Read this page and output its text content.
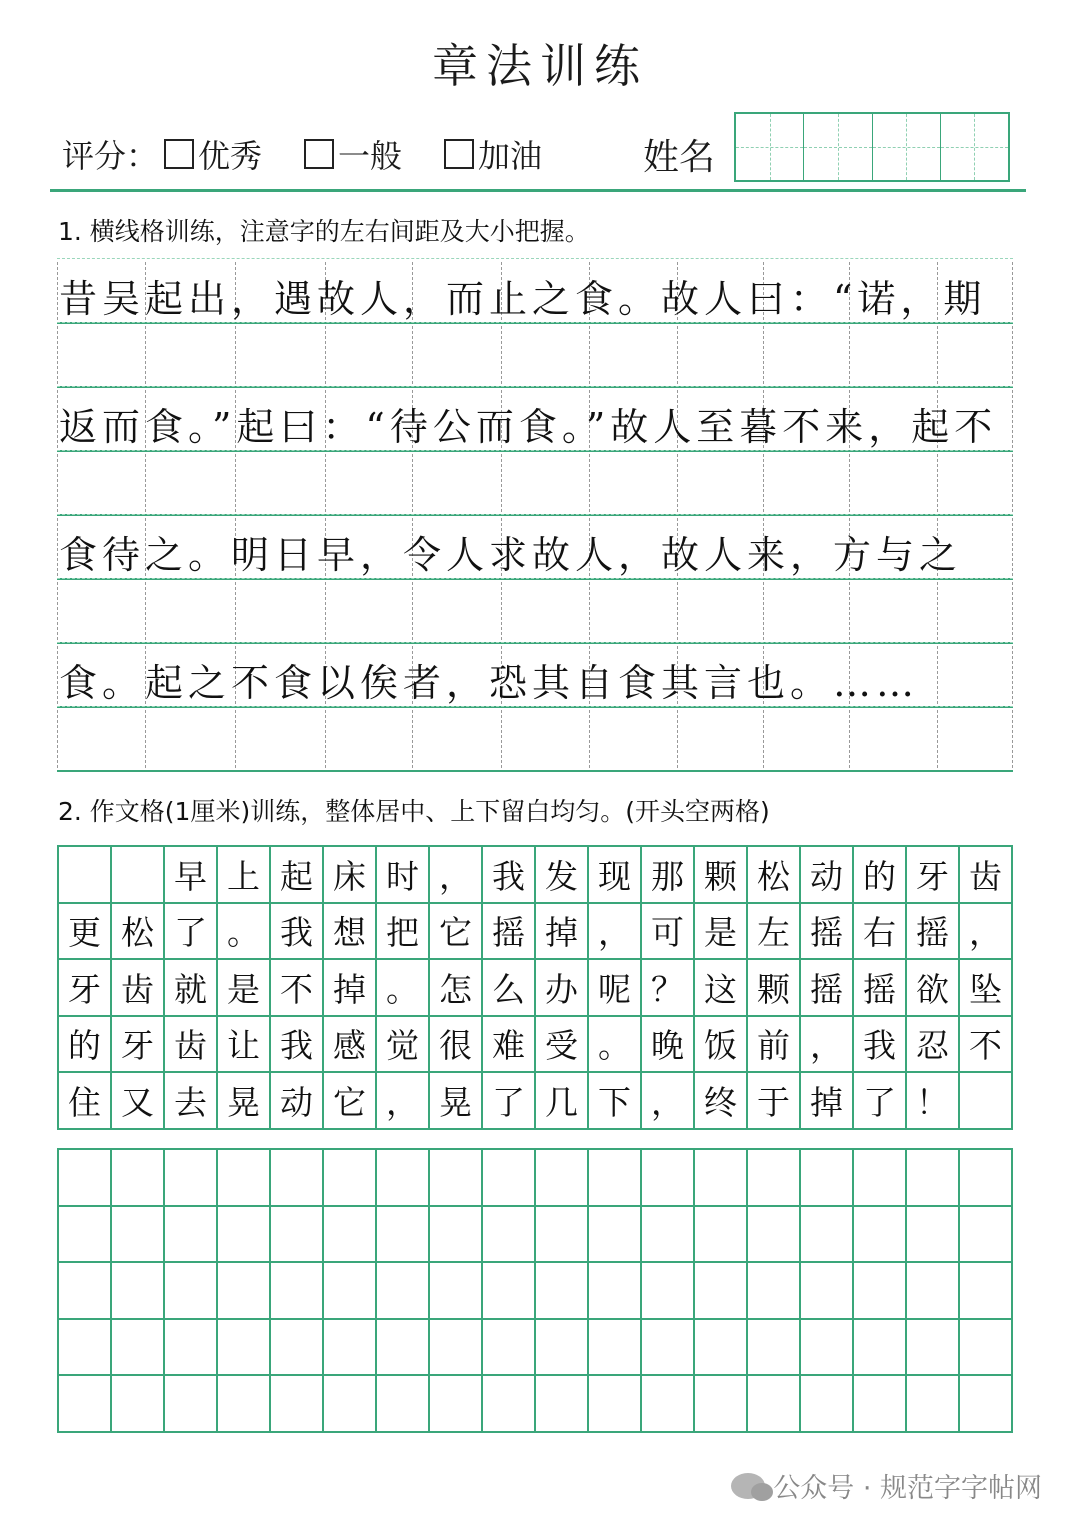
章法训练
评分： 优秀 一般 加油	姓名
1. 横线格训练，注意字的左右间距及大小把握。
昔吴起出，遇故人，而止之食。故人曰：“诺，期
返而食。”起曰：“待公而食。”故人至暮不来，起不
食待之。明日早，令人求故人，故人来，方与之
食。起之不食以俟者，恐其自食其言也。……
2. 作文格(1厘米)训练，整体居中、上下留白均匀。(开头空两格)
早 上 起 床 时 ， 我 发 现 那 颗 松 动 的 牙 齿
更 松 了 。 我 想 把 它 摇 掉 ， 可 是 左 摇 右 摇 ，
牙 齿 就 是 不 掉 。 怎 么 办 呢 ？ 这 颗 摇 摇 欲 坠
的 牙 齿 让 我 感 觉 很 难 受 。 晚 饭 前 ， 我 忍 不
住 又 去 晃 动 它 ， 晃 了 几 下 ， 终 于 掉 了 ！
公众号 · 规范字字帖网
